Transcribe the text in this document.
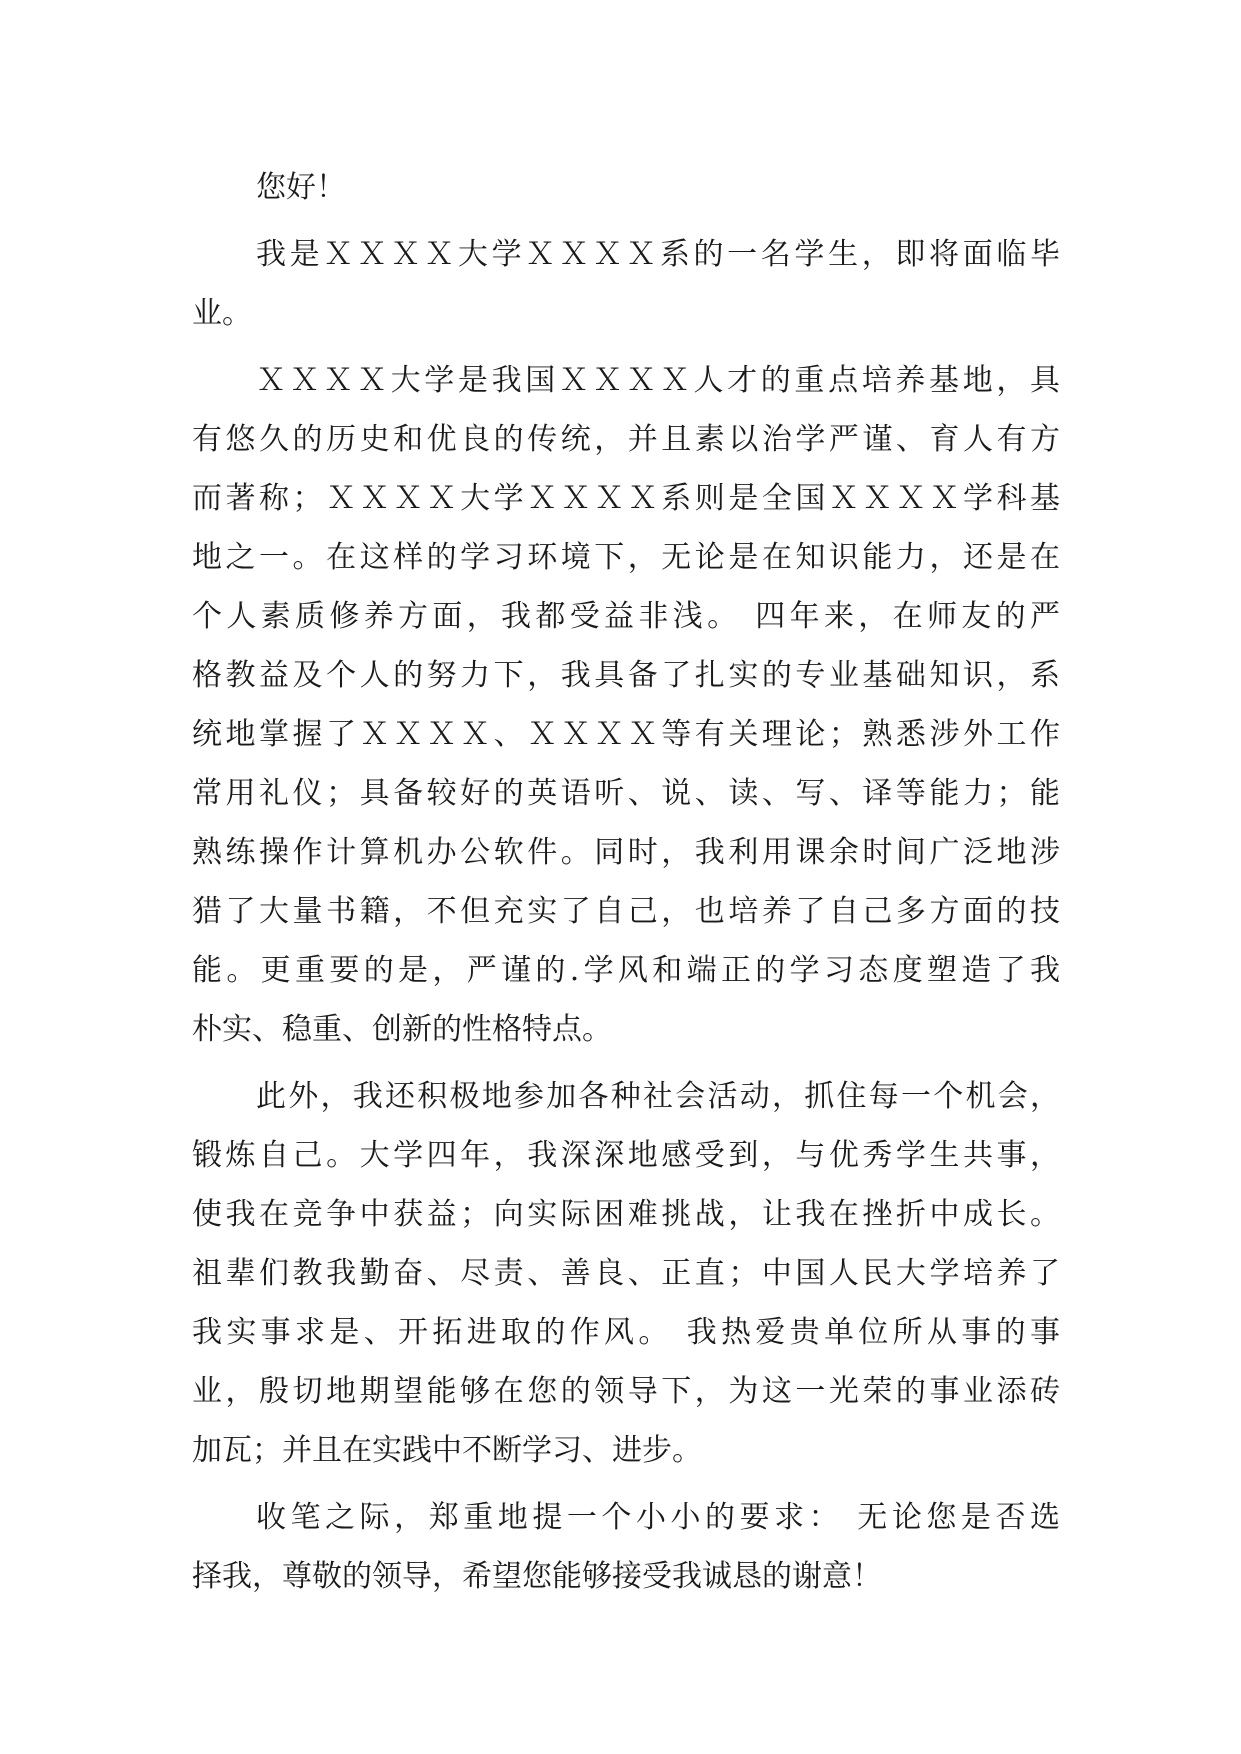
您好！
我是ＸＸＸＸ大学ＸＸＸＸ系的一名学生，即将面临毕
业。
ＸＸＸＸ大学是我国ＸＸＸＸ人才的重点培养基地，具
有悠久的历史和优良的传统，并且素以治学严谨、育人有方
而著称；ＸＸＸＸ大学ＸＸＸＸ系则是全国ＸＸＸＸ学科基
地之一。在这样的学习环境下，无论是在知识能力，还是在
个人素质修养方面，我都受益非浅。 四年来，在师友的严
格教益及个人的努力下，我具备了扎实的专业基础知识，系
统地掌握了ＸＸＸＸ、ＸＸＸＸ等有关理论；熟悉涉外工作
常用礼仪；具备较好的英语听、说、读、写、译等能力；能
熟练操作计算机办公软件。同时，我利用课余时间广泛地涉
猎了大量书籍，不但充实了自己，也培养了自己多方面的技
能。更重要的是，严谨的.学风和端正的学习态度塑造了我
朴实、稳重、创新的性格特点。
此外，我还积极地参加各种社会活动，抓住每一个机会，
锻炼自己。大学四年，我深深地感受到，与优秀学生共事，
使我在竞争中获益；向实际困难挑战，让我在挫折中成长。
祖辈们教我勤奋、尽责、善良、正直；中国人民大学培养了
我实事求是、开拓进取的作风。 我热爱贵单位所从事的事
业，殷切地期望能够在您的领导下，为这一光荣的事业添砖
加瓦；并且在实践中不断学习、进步。
收笔之际，郑重地提一个小小的要求： 无论您是否选
择我，尊敬的领导，希望您能够接受我诚恳的谢意！
